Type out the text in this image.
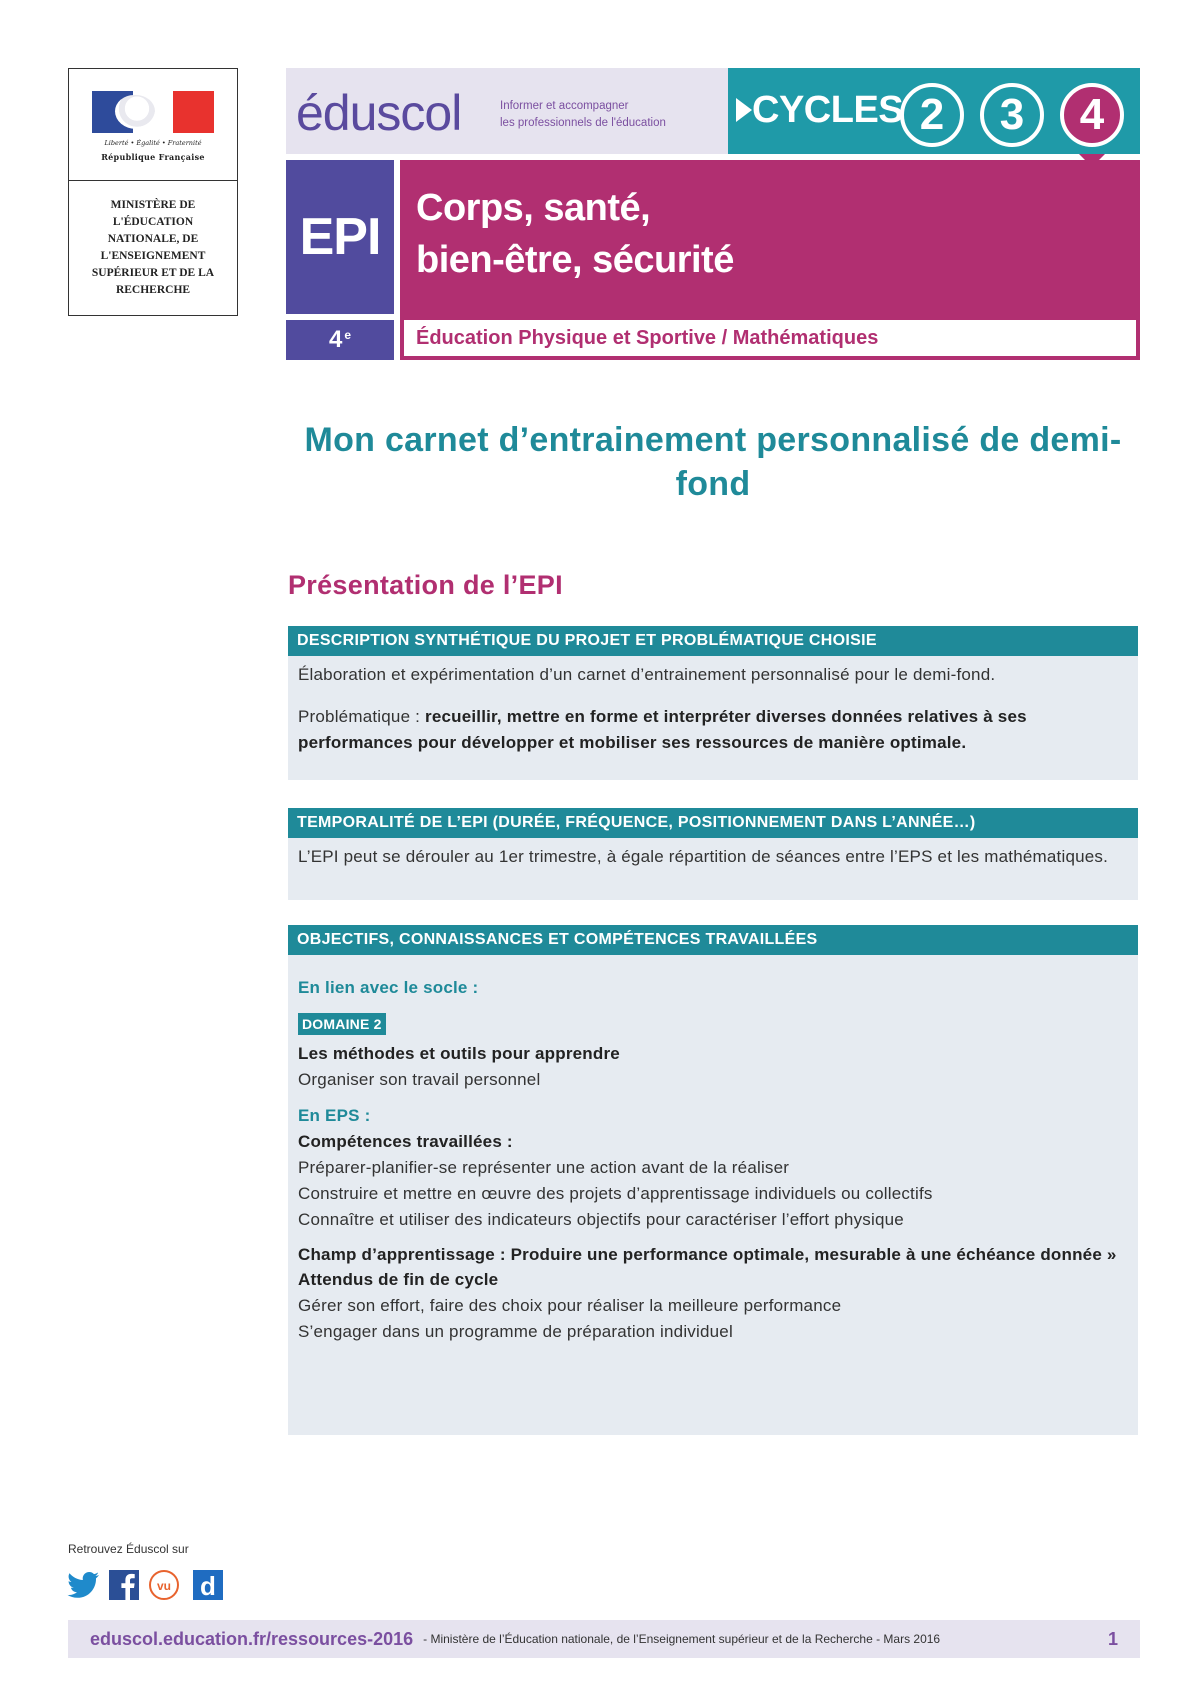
Liberté • Égalité • Fraternité
République Française
MINISTÈRE DE L'ÉDUCATION NATIONALE, DE L'ENSEIGNEMENT SUPÉRIEUR ET DE LA RECHERCHE
éduscol	Informer et accompagner
les professionnels de l'éducation CYCLES 2	3	4
EPI Corps, santé,
bien-être, sécurité
4e	Éducation Physique et Sportive / Mathématiques
Mon carnet d’entrainement personnalisé de demi-fond
Présentation de l’EPI
DESCRIPTION SYNTHÉTIQUE DU PROJET ET PROBLÉMATIQUE CHOISIE

Élaboration et expérimentation d’un carnet d’entrainement personnalisé pour le demi-fond.

Problématique : recueillir, mettre en forme et interpréter diverses données relatives à ses performances pour développer et mobiliser ses ressources de manière optimale.

TEMPORALITÉ DE L’EPI (DURÉE, FRÉQUENCE, POSITIONNEMENT DANS L’ANNÉE…)

L’EPI peut se dérouler au 1er trimestre, à égale répartition de séances entre l’EPS et les mathématiques.

OBJECTIFS, CONNAISSANCES ET COMPÉTENCES TRAVAILLÉES
En lien avec le socle :
DOMAINE 2
Les méthodes et outils pour apprendre
Organiser son travail personnel
En EPS :
Compétences travaillées :
Préparer-planifier-se représenter une action avant de la réaliser
Construire et mettre en œuvre des projets d’apprentissage individuels ou collectifs
Connaître et utiliser des indicateurs objectifs pour caractériser l’effort physique
Champ d’apprentissage : Produire une performance optimale, mesurable à une échéance donnée »
Attendus de fin de cycle
Gérer son effort, faire des choix pour réaliser la meilleure performance
S’engager dans un programme de préparation individuel
Retrouvez Éduscol sur
vu d
eduscol.education.fr/ressources-2016 - Ministère de l’Éducation nationale, de l’Enseignement supérieur et de la Recherche - Mars 2016	1
